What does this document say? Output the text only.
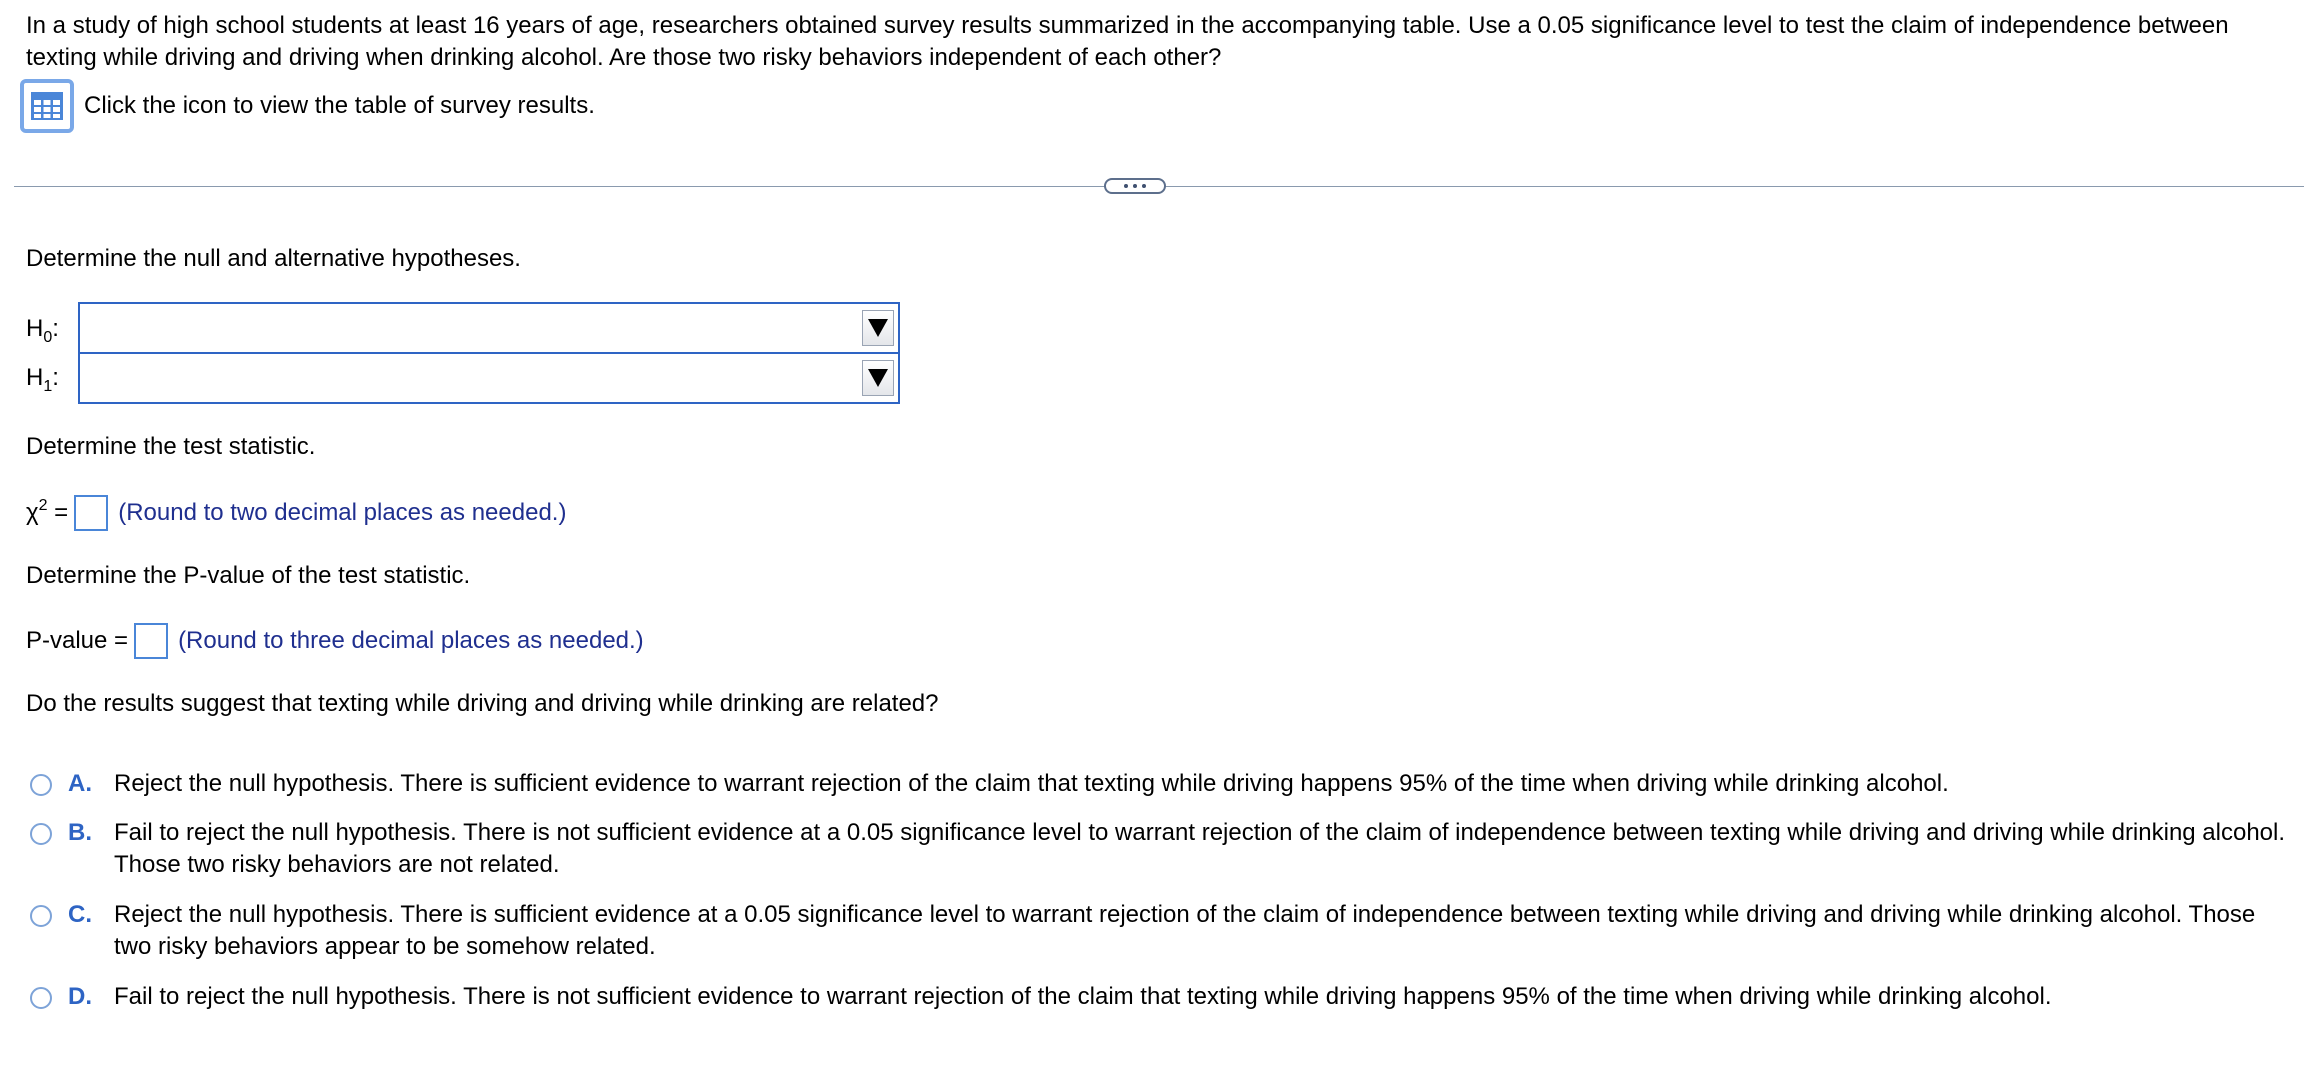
In a study of high school students at least 16 years of age, researchers obtained survey results summarized in the accompanying table. Use a 0.05 significance level to test the claim of independence between texting while driving and driving when drinking alcohol. Are those two risky behaviors independent of each other?
Click the icon to view the table of survey results.
Determine the null and alternative hypotheses.
$H_0$:
$H_1$:
Determine the test statistic.
$\chi^2$ = (Round to two decimal places as needed.)
Determine the P-value of the test statistic.
P-value = (Round to three decimal places as needed.)
Do the results suggest that texting while driving and driving while drinking are related?
A. Reject the null hypothesis. There is sufficient evidence to warrant rejection of the claim that texting while driving happens 95% of the time when driving while drinking alcohol.
B. Fail to reject the null hypothesis. There is not sufficient evidence at a 0.05 significance level to warrant rejection of the claim of independence between texting while driving and driving while drinking alcohol. Those two risky behaviors are not related.
C. Reject the null hypothesis. There is sufficient evidence at a 0.05 significance level to warrant rejection of the claim of independence between texting while driving and driving while drinking alcohol. Those two risky behaviors appear to be somehow related.
D. Fail to reject the null hypothesis. There is not sufficient evidence to warrant rejection of the claim that texting while driving happens 95% of the time when driving while drinking alcohol.
